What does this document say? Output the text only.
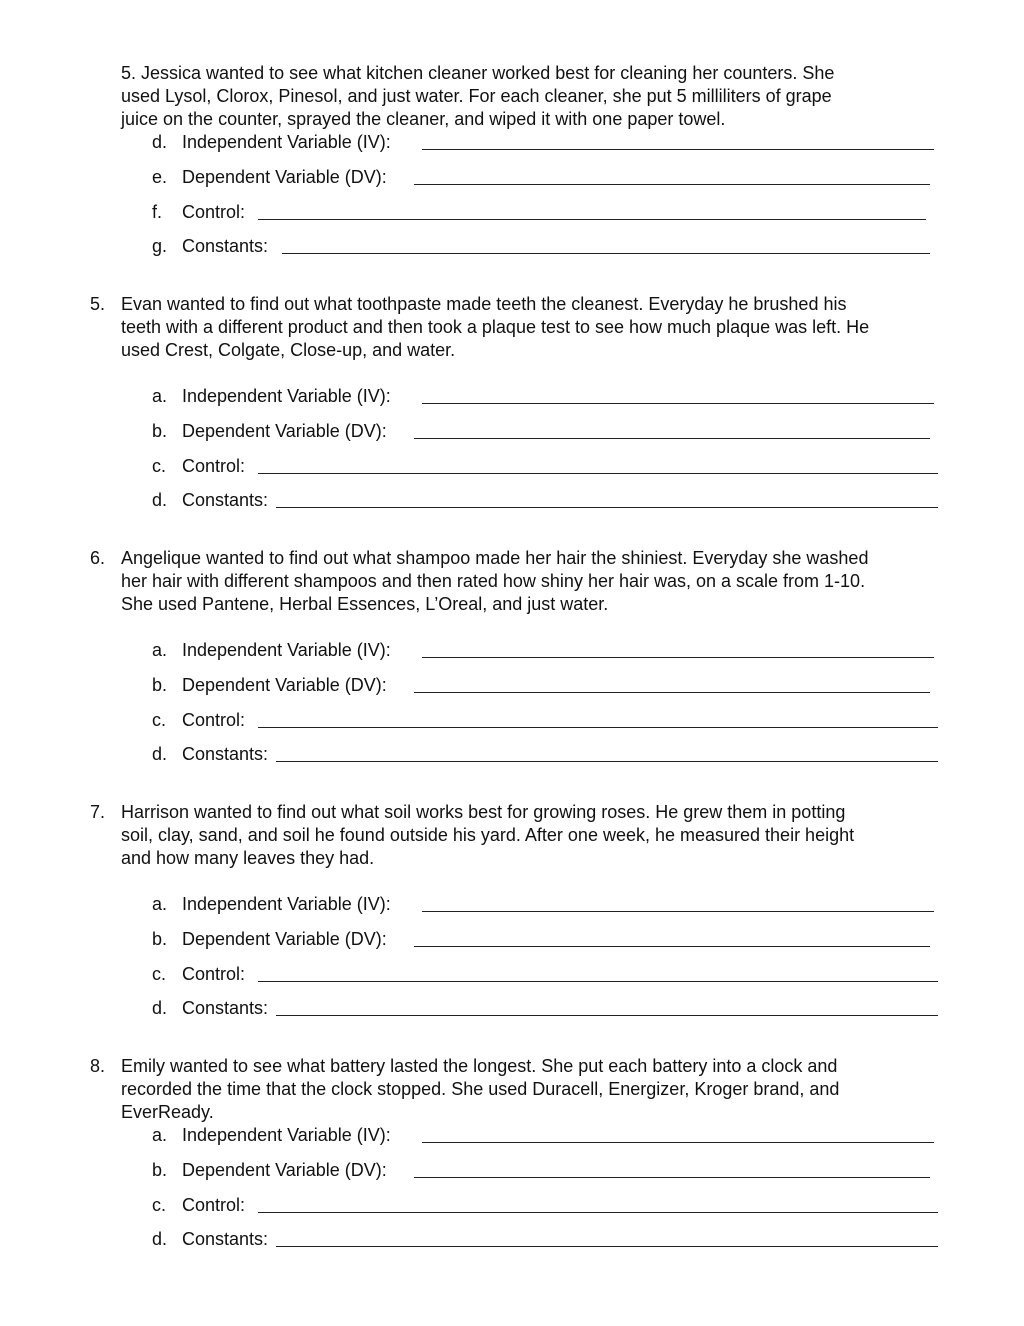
5. Jessica wanted to see what kitchen cleaner worked best for cleaning her counters. She
used Lysol, Clorox, Pinesol, and just water. For each cleaner, she put 5 milliliters of grape
juice on the counter, sprayed the cleaner, and wiped it with one paper towel.

d. Independent Variable (IV):
e. Dependent Variable (DV):
f. Control:
g. Constants:
5. Evan wanted to find out what toothpaste made teeth the cleanest. Everyday he brushed his
teeth with a different product and then took a plaque test to see how much plaque was left. He
used Crest, Colgate, Close-up, and water.

a. Independent Variable (IV):
b. Dependent Variable (DV):
c. Control:
d. Constants:
6. Angelique wanted to find out what shampoo made her hair the shiniest. Everyday she washed
her hair with different shampoos and then rated how shiny her hair was, on a scale from 1-10.
She used Pantene, Herbal Essences, L’Oreal, and just water.

a. Independent Variable (IV):
b. Dependent Variable (DV):
c. Control:
d. Constants:
7. Harrison wanted to find out what soil works best for growing roses. He grew them in potting
soil, clay, sand, and soil he found outside his yard. After one week, he measured their height
and how many leaves they had.

a. Independent Variable (IV):
b. Dependent Variable (DV):
c. Control:
d. Constants:
8. Emily wanted to see what battery lasted the longest. She put each battery into a clock and
recorded the time that the clock stopped. She used Duracell, Energizer, Kroger brand, and
EverReady.

a. Independent Variable (IV):
b. Dependent Variable (DV):
c. Control:
d. Constants:
